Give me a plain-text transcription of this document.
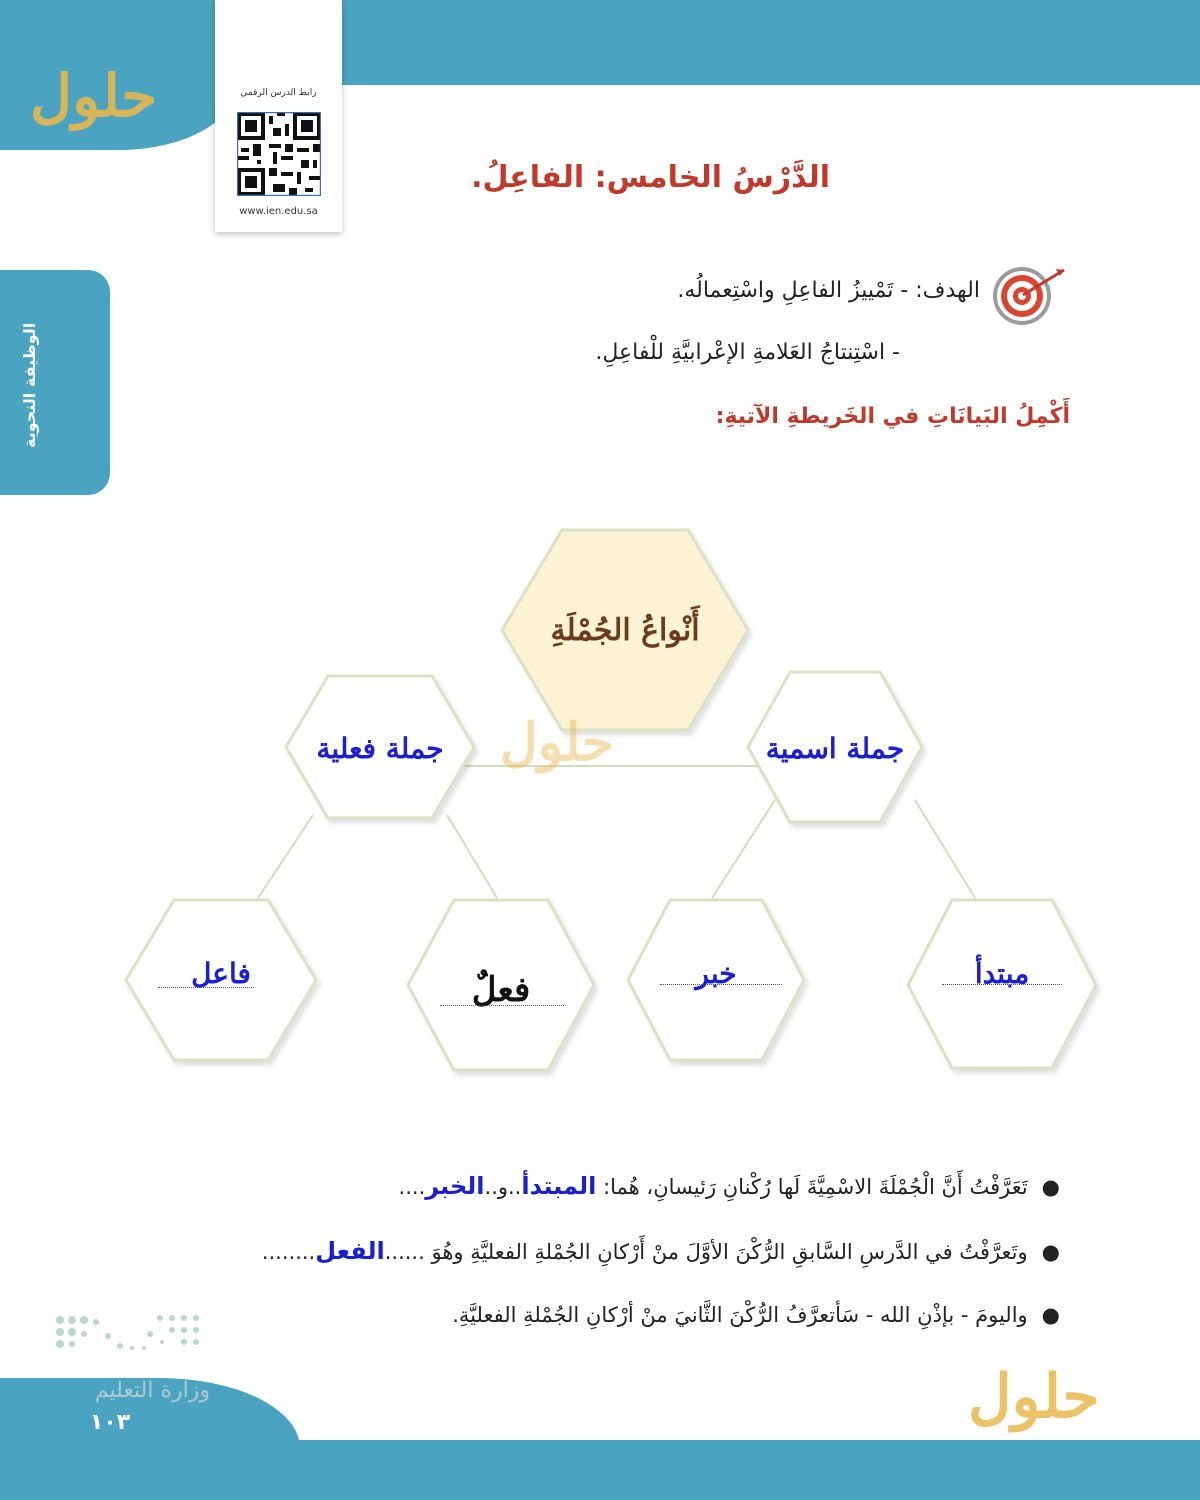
حلول
الوظيفة النحوية
رابط الدرس الرقمي
www.ien.edu.sa
الدَّرْسُ الخامس: الفاعِلُ.
الهدف: - تَمْييزُ الفاعِلِ واسْتِعمالُه.
- اسْتِنتاجُ العَلامةِ الإعْرابيَّةِ للْفاعِلِ.
أَكْمِلُ البَيانَاتِ في الخَريطةِ الآتيةِ:
أَنْواعُ الجُمْلَةِ
جملة فعلية	جملة اسمية
فاعل	فعلٌ	خبر	مبتدأ
حلول
●تَعَرَّفْتُ أَنَّ الْجُمْلَةَ الاسْمِيَّةَ لَها رُكْنانِ رَئيسانِ، هُما: المبتدأ..و..الخبر....
●وتَعرَّفْتُ في الدَّرسِ السَّابقِ الرُّكْنَ الأوَّلَ منْ أَرْكانِ الجُمْلةِ الفعليَّةِ وهُوَ ......الفعل........
●واليومَ - بإذْنِ الله - سَأتعرَّفُ الرُّكْنَ الثَّانيَ منْ أرْكانِ الجُمْلةِ الفعليَّةِ.
وزارة التعليم
١٠٣	حلول
